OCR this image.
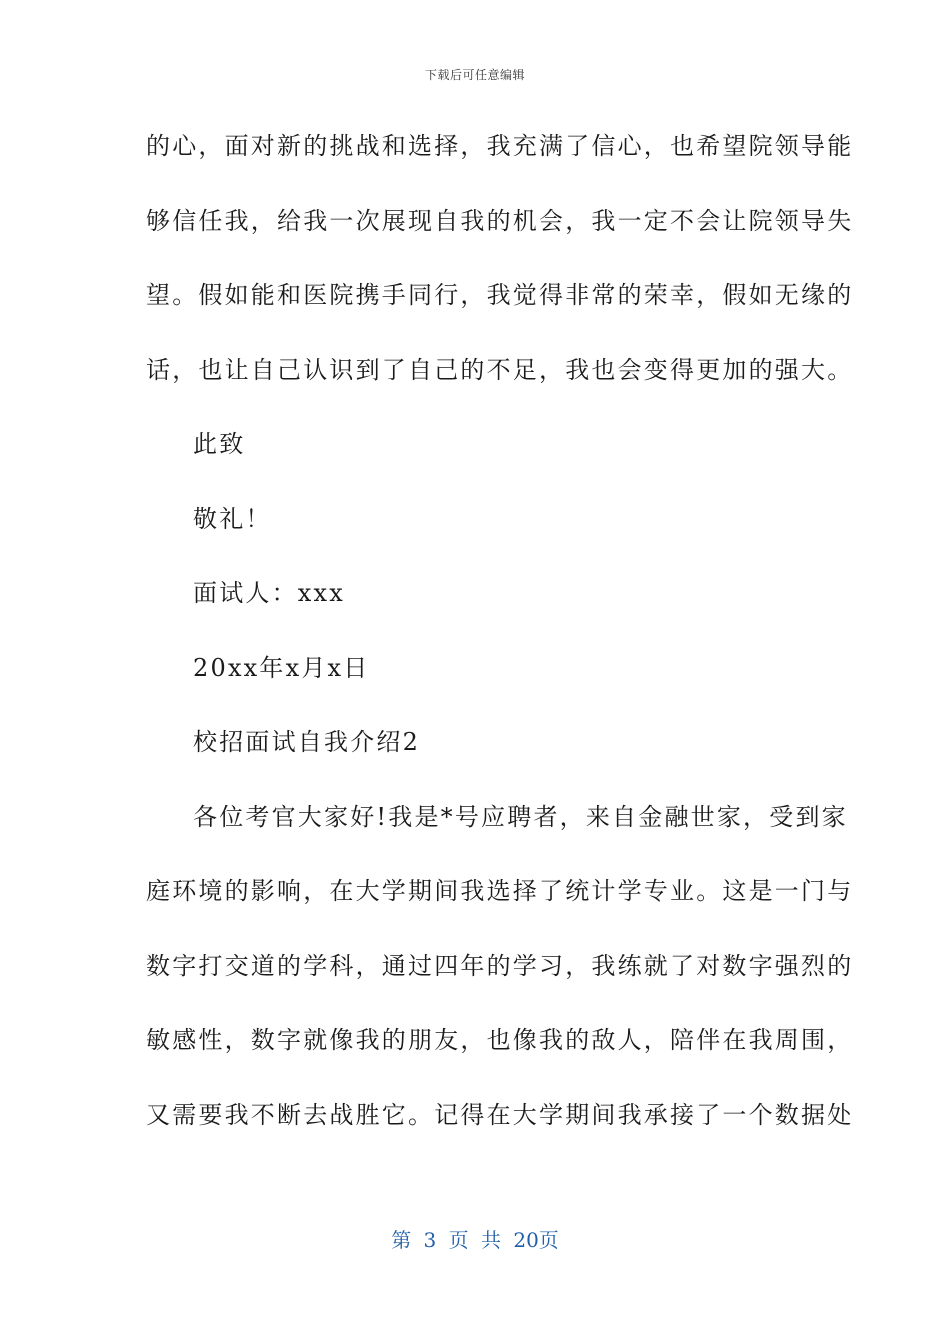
下载后可任意编辑
的心，面对新的挑战和选择，我充满了信心，也希望院领导能
够信任我，给我一次展现自我的机会，我一定不会让院领导失
望。假如能和医院携手同行，我觉得非常的荣幸，假如无缘的
话，也让自己认识到了自己的不足，我也会变得更加的强大。
此致
敬礼！
面试人：xxx
20xx年x月x日
校招面试自我介绍2
各位考官大家好!我是*号应聘者，来自金融世家，受到家
庭环境的影响，在大学期间我选择了统计学专业。这是一门与
数字打交道的学科，通过四年的学习，我练就了对数字强烈的
敏感性，数字就像我的朋友，也像我的敌人，陪伴在我周围，
又需要我不断去战胜它。记得在大学期间我承接了一个数据处
第 3 页 共 20页
